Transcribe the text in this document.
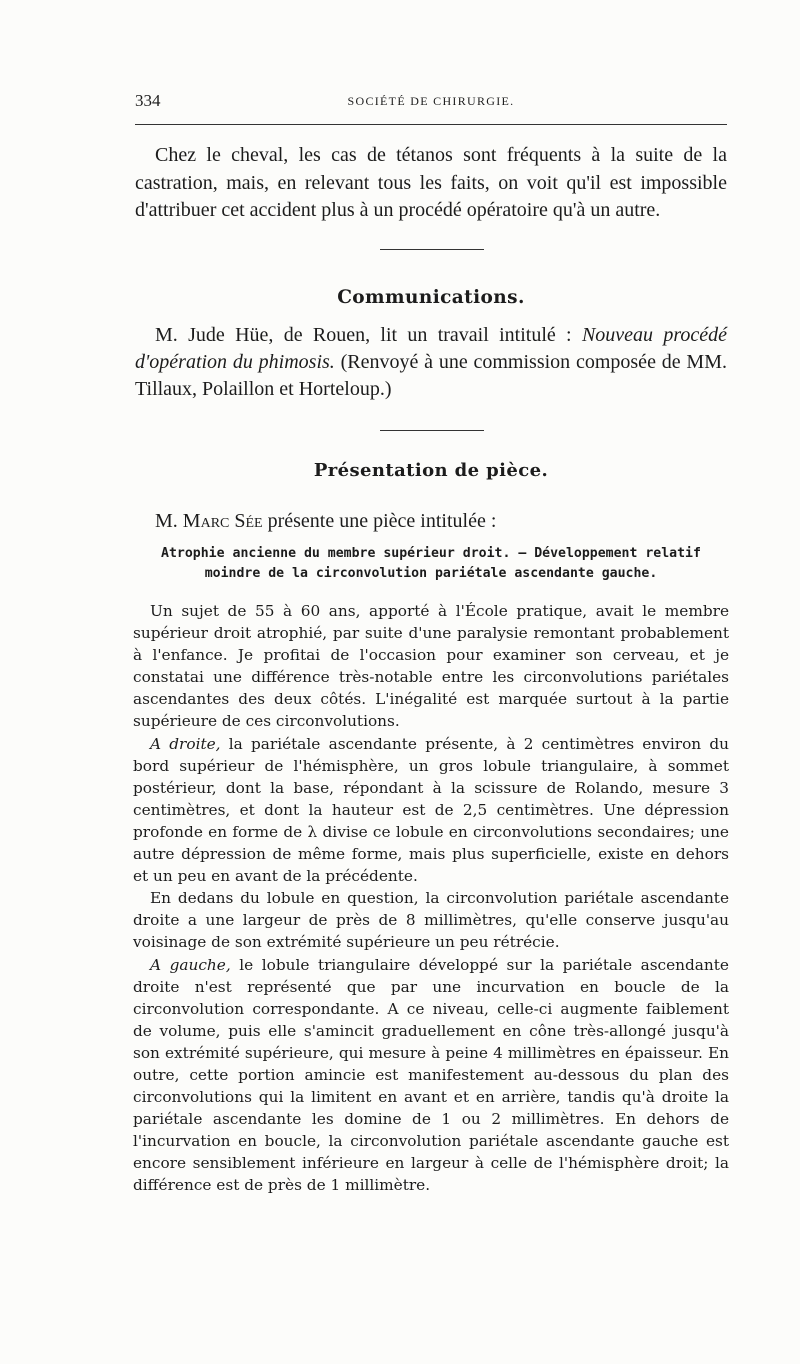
334	SOCIÉTÉ DE CHIRURGIE.
Chez le cheval, les cas de tétanos sont fréquents à la suite de la castration, mais, en relevant tous les faits, on voit qu'il est impossible d'attribuer cet accident plus à un procédé opératoire qu'à un autre.
Communications.
M. Jude Hüe, de Rouen, lit un travail intitulé : Nouveau procédé d'opération du phimosis. (Renvoyé à une commission composée de MM. Tillaux, Polaillon et Horteloup.)
Présentation de pièce.
M. Marc Sée présente une pièce intitulée :
Atrophie ancienne du membre supérieur droit. — Développement relatif moindre de la circonvolution pariétale ascendante gauche.

Un sujet de 55 à 60 ans, apporté à l'École pratique, avait le membre supérieur droit atrophié, par suite d'une paralysie remontant probablement à l'enfance. Je profitai de l'occasion pour examiner son cerveau, et je constatai une différence très-notable entre les circonvolutions pariétales ascendantes des deux côtés. L'inégalité est marquée surtout à la partie supérieure de ces circonvolutions.

A droite, la pariétale ascendante présente, à 2 centimètres environ du bord supérieur de l'hémisphère, un gros lobule triangulaire, à sommet postérieur, dont la base, répondant à la scissure de Rolando, mesure 3 centimètres, et dont la hauteur est de 2,5 centimètres. Une dépression profonde en forme de λ divise ce lobule en circonvolutions secondaires; une autre dépression de même forme, mais plus superficielle, existe en dehors et un peu en avant de la précédente.

En dedans du lobule en question, la circonvolution pariétale ascendante droite a une largeur de près de 8 millimètres, qu'elle conserve jusqu'au voisinage de son extrémité supérieure un peu rétrécie.

A gauche, le lobule triangulaire développé sur la pariétale ascendante droite n'est représenté que par une incurvation en boucle de la circonvolution correspondante. A ce niveau, celle-ci augmente faiblement de volume, puis elle s'amincit graduellement en cône très-allongé jusqu'à son extrémité supérieure, qui mesure à peine 4 millimètres en épaisseur. En outre, cette portion amincie est manifestement au-dessous du plan des circonvolutions qui la limitent en avant et en arrière, tandis qu'à droite la pariétale ascendante les domine de 1 ou 2 millimètres. En dehors de l'incurvation en boucle, la circonvolution pariétale ascendante gauche est encore sensiblement inférieure en largeur à celle de l'hémisphère droit; la différence est de près de 1 millimètre.
